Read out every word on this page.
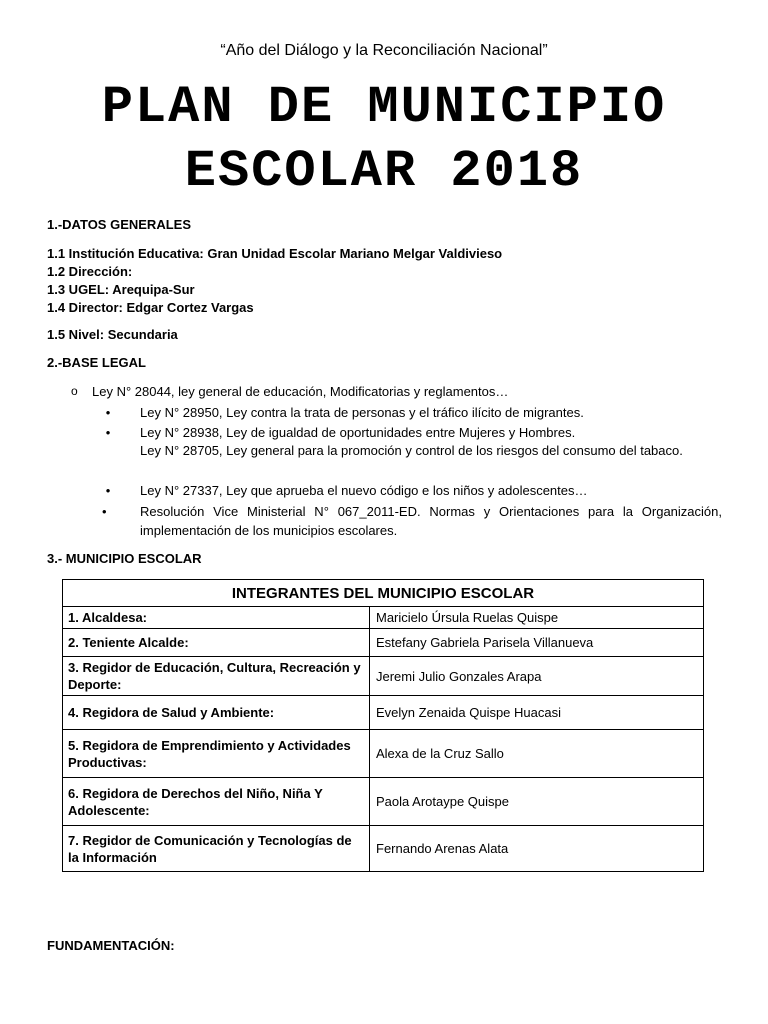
“Año del Diálogo y la Reconciliación Nacional”
PLAN DE MUNICIPIO
ESCOLAR 2018
1.-DATOS GENERALES
1.1 Institución Educativa: Gran Unidad Escolar Mariano Melgar Valdivieso
1.2 Dirección:
1.3 UGEL: Arequipa-Sur
1.4 Director: Edgar Cortez Vargas
1.5 Nivel: Secundaria
2.-BASE LEGAL
o Ley N° 28044, ley general de educación, Modificatorias y reglamentos…
• Ley N° 28950, Ley contra la trata de personas y el tráfico ilícito de migrantes.
• Ley N° 28938, Ley de igualdad de oportunidades entre Mujeres y Hombres.
Ley N° 28705, Ley general para la promoción y control de los riesgos del consumo del tabaco.
• Ley N° 27337, Ley que aprueba el nuevo código e los niños y adolescentes…
•	Resolución Vice Ministerial N° 067_2011-ED. Normas y Orientaciones para la Organización, implementación de los municipios escolares.
3.- MUNICIPIO ESCOLAR
INTEGRANTES DEL MUNICIPIO ESCOLAR	
1. Alcaldesa:	Maricielo Úrsula Ruelas Quispe
2. Teniente Alcalde:	Estefany Gabriela Parisela Villanueva
3. Regidor de Educación, Cultura, Recreación y Deporte:	Jeremi Julio Gonzales Arapa
4. Regidora de Salud y Ambiente:	Evelyn Zenaida Quispe Huacasi
5. Regidora de Emprendimiento y Actividades Productivas:	Alexa de la Cruz Sallo
6. Regidora de Derechos del Niño, Niña Y Adolescente:	Paola Arotaype Quispe
7. Regidor de Comunicación y Tecnologías de la Información	Fernando Arenas Alata
FUNDAMENTACIÓN:
